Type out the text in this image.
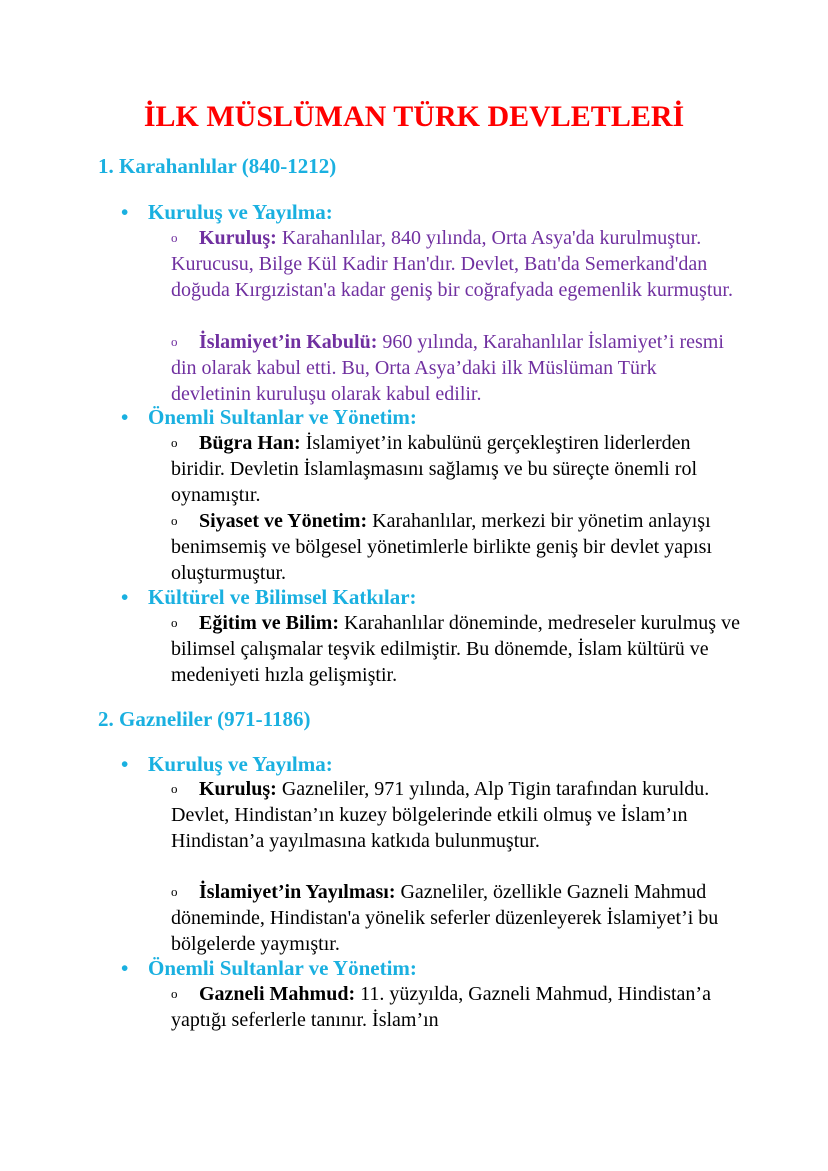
İLK MÜSLÜMAN TÜRK DEVLETLERİ
1. Karahanlılar (840-1212)
• Kuruluş ve Yayılma:

o Kuruluş: Karahanlılar, 840 yılında, Orta Asya'da kurulmuştur. Kurucusu, Bilge Kül Kadir Han'dır. Devlet, Batı'da Semerkand'dan doğuda Kırgızistan'a kadar geniş bir coğrafyada egemenlik kurmuştur.

o İslamiyet’in Kabulü: 960 yılında, Karahanlılar İslamiyet’i resmi din olarak kabul etti. Bu, Orta Asya’daki ilk Müslüman Türk devletinin kuruluşu olarak kabul edilir.

• Önemli Sultanlar ve Yönetim:

o Bügra Han: İslamiyet’in kabulünü gerçekleştiren liderlerden biridir. Devletin İslamlaşmasını sağlamış ve bu süreçte önemli rol oynamıştır.

o Siyaset ve Yönetim: Karahanlılar, merkezi bir yönetim anlayışı benimsemiş ve bölgesel yönetimlerle birlikte geniş bir devlet yapısı oluşturmuştur.

• Kültürel ve Bilimsel Katkılar:

o Eğitim ve Bilim: Karahanlılar döneminde, medreseler kurulmuş ve bilimsel çalışmalar teşvik edilmiştir. Bu dönemde, İslam kültürü ve medeniyeti hızla gelişmiştir.

2. Gazneliler (971-1186)
• Kuruluş ve Yayılma:

o Kuruluş: Gazneliler, 971 yılında, Alp Tigin tarafından kuruldu. Devlet, Hindistan’ın kuzey bölgelerinde etkili olmuş ve İslam’ın Hindistan’a yayılmasına katkıda bulunmuştur.

o İslamiyet’in Yayılması: Gazneliler, özellikle Gazneli Mahmud döneminde, Hindistan'a yönelik seferler düzenleyerek İslamiyet’i bu bölgelerde yaymıştır.

• Önemli Sultanlar ve Yönetim:

o Gazneli Mahmud: 11. yüzyılda, Gazneli Mahmud, Hindistan’a yaptığı seferlerle tanınır. İslam’ın
